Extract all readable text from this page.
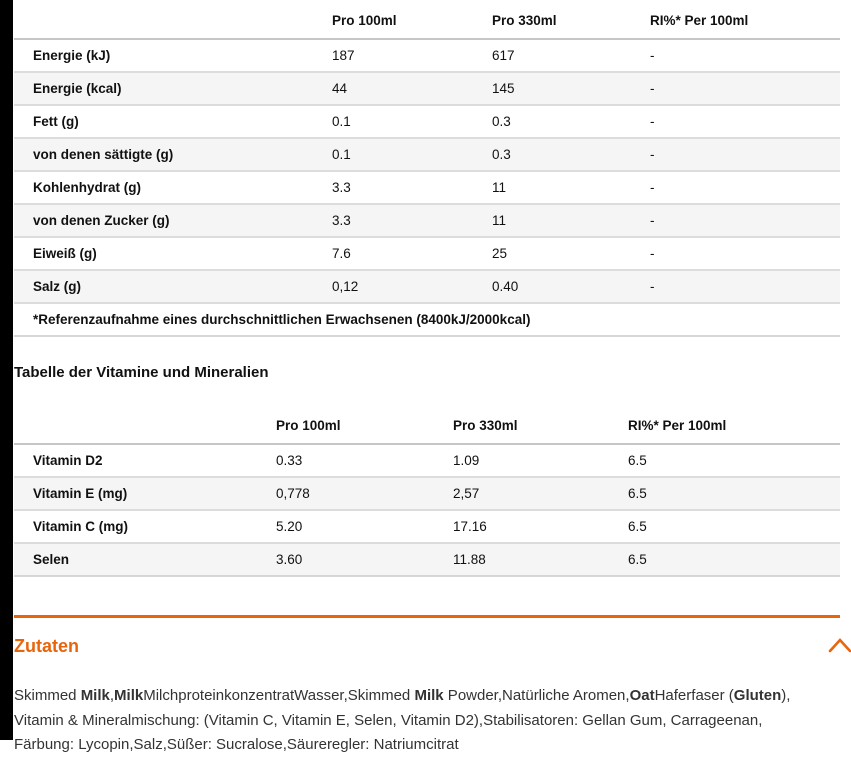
	Pro 100ml	Pro 330ml	RI%* Per 100ml
Energie (kJ)	187	617	-
Energie (kcal)	44	145	-
Fett (g)	0.1	0.3	-
von denen sättigte (g)	0.1	0.3	-
Kohlenhydrat (g)	3.3	11	-
von denen Zucker (g)	3.3	11	-
Eiweiß (g)	7.6	25	-
Salz (g)	0,12	0.40	-
*Referenzaufnahme eines durchschnittlichen Erwachsenen (8400kJ/2000kcal)			
Tabelle der Vitamine und Mineralien
	Pro 100ml	Pro 330ml	RI%* Per 100ml
Vitamin D2	0.33	1.09	6.5
Vitamin E (mg)	0,778	2,57	6.5
Vitamin C (mg)	5.20	17.16	6.5
Selen	3.60	11.88	6.5
Zutaten
Skimmed Milk,MilkMilchproteinkonzentratWasser,Skimmed Milk Powder,Natürliche Aromen,OatHaferfaser (Gluten),
Vitamin & Mineralmischung: (Vitamin C, Vitamin E, Selen, Vitamin D2),Stabilisatoren: Gellan Gum, Carrageenan,
Färbung: Lycopin,Salz,Süßer: Sucralose,Säureregler: Natriumcitrat
